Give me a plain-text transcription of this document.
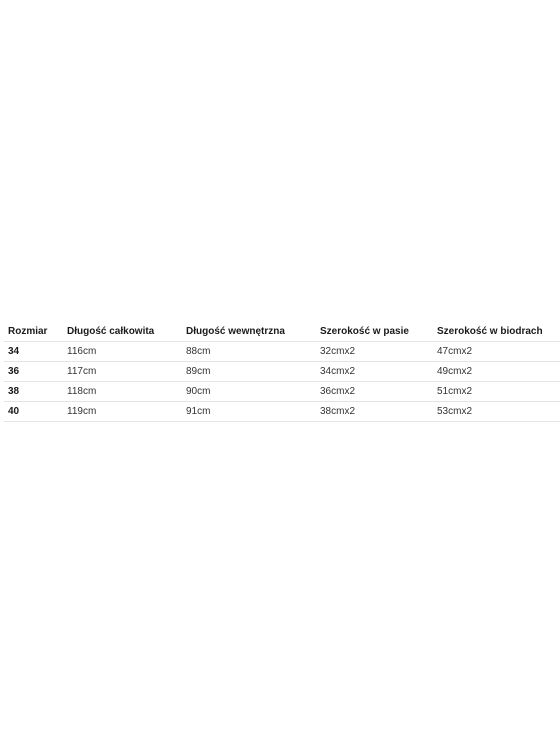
Rozmiar	Długość całkowita	Długość wewnętrzna	Szerokość w pasie	Szerokość w biodrach
34	116cm	88cm	32cmx2	47cmx2
36	117cm	89cm	34cmx2	49cmx2
38	118cm	90cm	36cmx2	51cmx2
40	119cm	91cm	38cmx2	53cmx2
